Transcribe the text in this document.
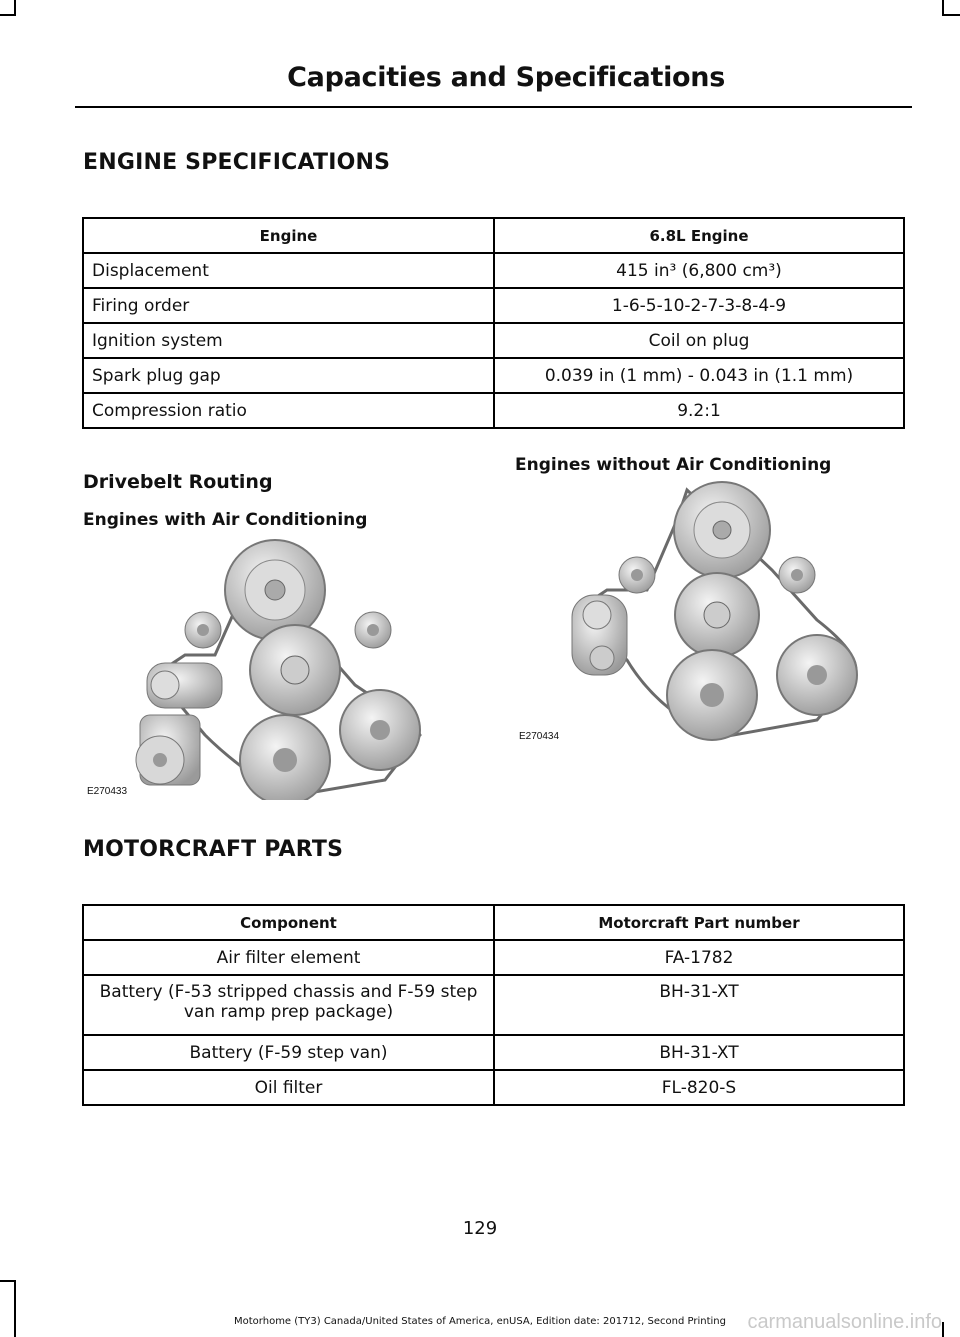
Capacities and Specifications
ENGINE SPECIFICATIONS
Engine	6.8L Engine
Displacement	415 in³ (6,800 cm³)
Firing order	1-6-5-10-2-7-3-8-4-9
Ignition system	Coil on plug
Spark plug gap	0.039 in (1 mm) - 0.043 in (1.1 mm)
Compression ratio	9.2:1
Drivebelt Routing
Engines with Air Conditioning
Engines without Air Conditioning
E270433
E270434
MOTORCRAFT PARTS
Component	Motorcraft Part number
Air filter element	FA-1782
Battery (F-53 stripped chassis and F-59 step van ramp prep package)	BH-31-XT
Battery (F-59 step van)	BH-31-XT
Oil filter	FL-820-S
129
Motorhome (TY3) Canada/United States of America, enUSA, Edition date: 201712, Second Printing	carmanualsonline.info
